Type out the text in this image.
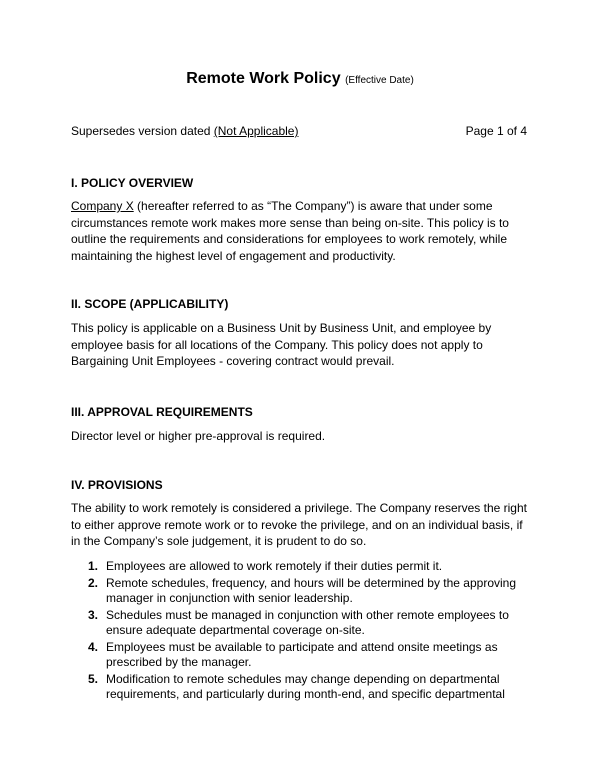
Remote Work Policy (Effective Date)
Supersedes version dated (Not Applicable)	Page 1 of 4
I. POLICY OVERVIEW
Company X (hereafter referred to as “The Company”) is aware that under some circumstances remote work makes more sense than being on-site. This policy is to outline the requirements and considerations for employees to work remotely, while maintaining the highest level of engagement and productivity.
II. SCOPE (APPLICABILITY)
This policy is applicable on a Business Unit by Business Unit, and employee by employee basis for all locations of the Company. This policy does not apply to Bargaining Unit Employees - covering contract would prevail.
III. APPROVAL REQUIREMENTS
Director level or higher pre-approval is required.
IV. PROVISIONS
The ability to work remotely is considered a privilege. The Company reserves the right to either approve remote work or to revoke the privilege, and on an individual basis, if in the Company’s sole judgement, it is prudent to do so.
1. Employees are allowed to work remotely if their duties permit it.
2. Remote schedules, frequency, and hours will be determined by the approving manager in conjunction with senior leadership.
3. Schedules must be managed in conjunction with other remote employees to ensure adequate departmental coverage on-site.
4. Employees must be available to participate and attend onsite meetings as prescribed by the manager.
5. Modification to remote schedules may change depending on departmental requirements, and particularly during month-end, and specific departmental
